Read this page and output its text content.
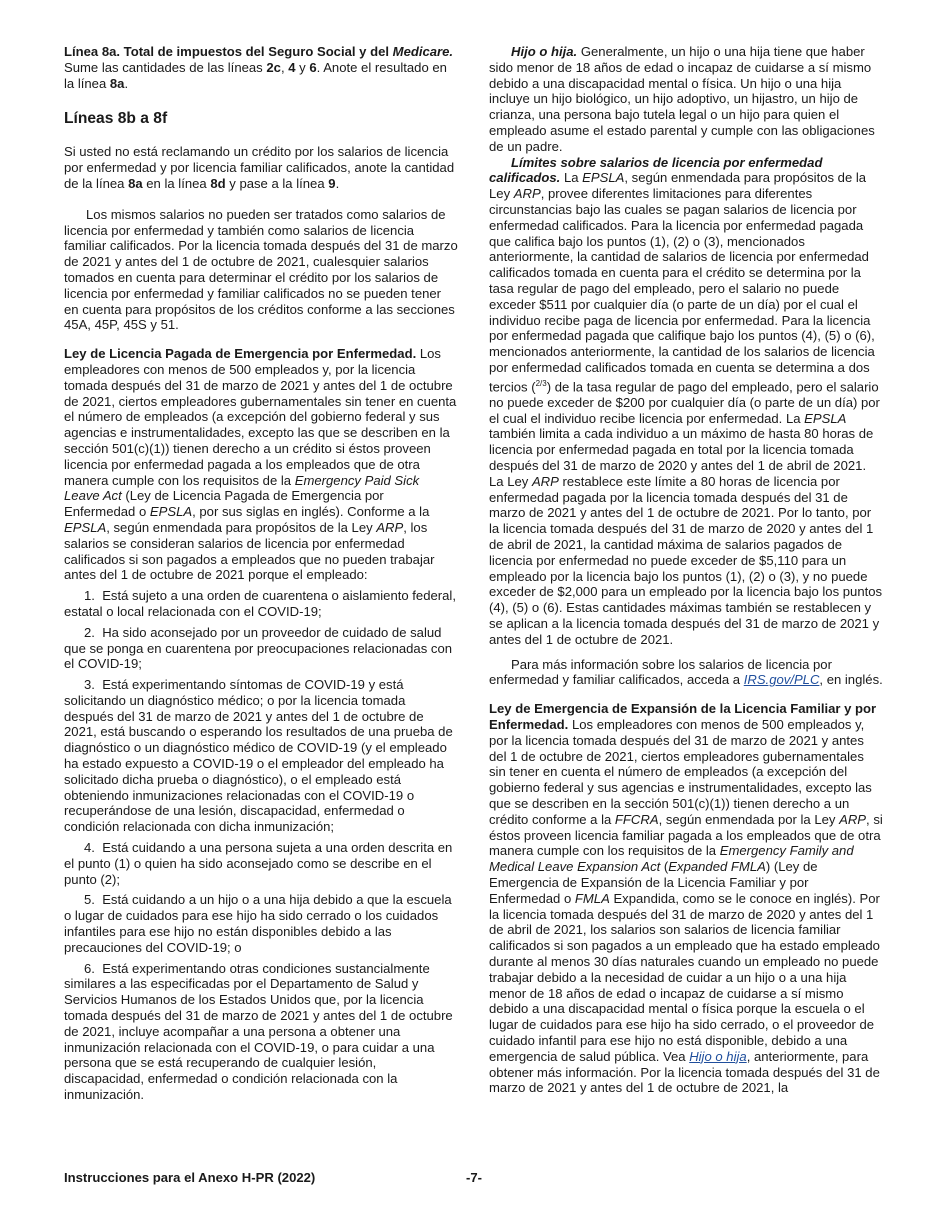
Línea 8a. Total de impuestos del Seguro Social y del Medicare. Sume las cantidades de las líneas 2c, 4 y 6. Anote el resultado en la línea 8a.

Líneas 8b a 8f

Si usted no está reclamando un crédito por los salarios de licencia por enfermedad y por licencia familiar calificados, anote la cantidad de la línea 8a en la línea 8d y pase a la línea 9.

Los mismos salarios no pueden ser tratados como salarios de licencia por enfermedad y también como salarios de licencia familiar calificados. Por la licencia tomada después del 31 de marzo de 2021 y antes del 1 de octubre de 2021, cualesquier salarios tomados en cuenta para determinar el crédito por los salarios de licencia por enfermedad y familiar calificados no se pueden tener en cuenta para propósitos de los créditos conforme a las secciones 45A, 45P, 45S y 51.

Ley de Licencia Pagada de Emergencia por Enfermedad. Los empleadores con menos de 500 empleados y, por la licencia tomada después del 31 de marzo de 2021 y antes del 1 de octubre de 2021, ciertos empleadores gubernamentales sin tener en cuenta el número de empleados (a excepción del gobierno federal y sus agencias e instrumentalidades, excepto las que se describen en la sección 501(c)(1)) tienen derecho a un crédito si éstos proveen licencia por enfermedad pagada a los empleados que de otra manera cumple con los requisitos de la Emergency Paid Sick Leave Act (Ley de Licencia Pagada de Emergencia por Enfermedad o EPSLA, por sus siglas en inglés). Conforme a la EPSLA, según enmendada para propósitos de la Ley ARP, los salarios se consideran salarios de licencia por enfermedad calificados si son pagados a empleados que no pueden trabajar antes del 1 de octubre de 2021 porque el empleado:

1.  Está sujeto a una orden de cuarentena o aislamiento federal, estatal o local relacionada con el COVID-19;

2.  Ha sido aconsejado por un proveedor de cuidado de salud que se ponga en cuarentena por preocupaciones relacionadas con el COVID-19;

3.  Está experimentando síntomas de COVID-19 y está solicitando un diagnóstico médico; o por la licencia tomada después del 31 de marzo de 2021 y antes del 1 de octubre de 2021, está buscando o esperando los resultados de una prueba de diagnóstico o un diagnóstico médico de COVID-19 (y el empleado ha estado expuesto a COVID-19 o el empleador del empleado ha solicitado dicha prueba o diagnóstico), o el empleado está obteniendo inmunizaciones relacionadas con el COVID-19 o recuperándose de una lesión, discapacidad, enfermedad o condición relacionada con dicha inmunización;

4.  Está cuidando a una persona sujeta a una orden descrita en el punto (1) o quien ha sido aconsejado como se describe en el punto (2);

5.  Está cuidando a un hijo o a una hija debido a que la escuela o lugar de cuidados para ese hijo ha sido cerrado o los cuidados infantiles para ese hijo no están disponibles debido a las precauciones del COVID-19; o

6.  Está experimentando otras condiciones sustancialmente similares a las especificadas por el Departamento de Salud y Servicios Humanos de los Estados Unidos que, por la licencia tomada después del 31 de marzo de 2021 y antes del 1 de octubre de 2021, incluye acompañar a una persona a obtener una inmunización relacionada con el COVID-19, o para cuidar a una persona que se está recuperando de cualquier lesión, discapacidad, enfermedad o condición relacionada con la inmunización.

Hijo o hija. Generalmente, un hijo o una hija tiene que haber sido menor de 18 años de edad o incapaz de cuidarse a sí mismo debido a una discapacidad mental o física. Un hijo o una hija incluye un hijo biológico, un hijo adoptivo, un hijastro, un hijo de crianza, una persona bajo tutela legal o un hijo para quien el empleado asume el estado parental y cumple con las obligaciones de un padre.

Límites sobre salarios de licencia por enfermedad calificados. La EPSLA, según enmendada para propósitos de la Ley ARP, provee diferentes limitaciones para diferentes circunstancias bajo las cuales se pagan salarios de licencia por enfermedad calificados. Para la licencia por enfermedad pagada que califica bajo los puntos (1), (2) o (3), mencionados anteriormente, la cantidad de salarios de licencia por enfermedad calificados tomada en cuenta para el crédito se determina por la tasa regular de pago del empleado, pero el salario no puede exceder $511 por cualquier día (o parte de un día) por el cual el individuo recibe paga de licencia por enfermedad. Para la licencia por enfermedad pagada que califique bajo los puntos (4), (5) o (6), mencionados anteriormente, la cantidad de los salarios de licencia por enfermedad calificados tomada en cuenta se determina a dos tercios ($^{2/3}$) de la tasa regular de pago del empleado, pero el salario no puede exceder de $200 por cualquier día (o parte de un día) por el cual el individuo recibe licencia por enfermedad. La EPSLA también limita a cada individuo a un máximo de hasta 80 horas de licencia por enfermedad pagada en total por la licencia tomada después del 31 de marzo de 2020 y antes del 1 de abril de 2021. La Ley ARP restablece este límite a 80 horas de licencia por enfermedad pagada por la licencia tomada después del 31 de marzo de 2021 y antes del 1 de octubre de 2021. Por lo tanto, por la licencia tomada después del 31 de marzo de 2020 y antes del 1 de abril de 2021, la cantidad máxima de salarios pagados de licencia por enfermedad no puede exceder de $5,110 para un empleado por la licencia bajo los puntos (1), (2) o (3), y no puede exceder de $2,000 para un empleado por la licencia bajo los puntos (4), (5) o (6). Estas cantidades máximas también se restablecen y se aplican a la licencia tomada después del 31 de marzo de 2021 y antes del 1 de octubre de 2021.

Para más información sobre los salarios de licencia por enfermedad y familiar calificados, acceda a IRS.gov/PLC, en inglés.

Ley de Emergencia de Expansión de la Licencia Familiar y por Enfermedad. Los empleadores con menos de 500 empleados y, por la licencia tomada después del 31 de marzo de 2021 y antes del 1 de octubre de 2021, ciertos empleadores gubernamentales sin tener en cuenta el número de empleados (a excepción del gobierno federal y sus agencias e instrumentalidades, excepto las que se describen en la sección 501(c)(1)) tienen derecho a un crédito conforme a la FFCRA, según enmendada por la Ley ARP, si éstos proveen licencia familiar pagada a los empleados que de otra manera cumple con los requisitos de la Emergency Family and Medical Leave Expansion Act (Expanded FMLA) (Ley de Emergencia de Expansión de la Licencia Familiar y por Enfermedad o FMLA Expandida, como se le conoce en inglés). Por la licencia tomada después del 31 de marzo de 2020 y antes del 1 de abril de 2021, los salarios son salarios de licencia familiar calificados si son pagados a un empleado que ha estado empleado durante al menos 30 días naturales cuando un empleado no puede trabajar debido a la necesidad de cuidar a un hijo o a una hija menor de 18 años de edad o incapaz de cuidarse a sí mismo debido a una discapacidad mental o física porque la escuela o el lugar de cuidados para ese hijo ha sido cerrado, o el proveedor de cuidado infantil para ese hijo no está disponible, debido a una emergencia de salud pública. Vea Hijo o hija, anteriormente, para obtener más información. Por la licencia tomada después del 31 de marzo de 2021 y antes del 1 de octubre de 2021, la

Instrucciones para el Anexo H-PR (2022)	-7-
